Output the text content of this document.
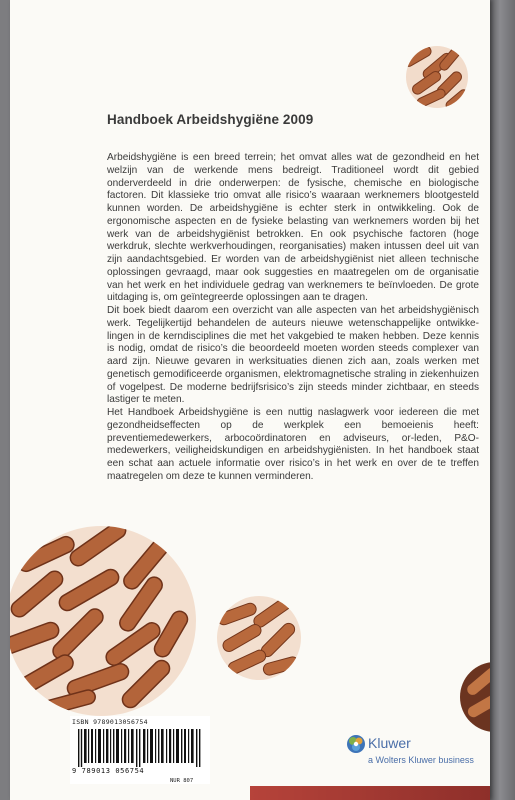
Handboek Arbeidshygiëne 2009

Arbeidshygiëne is een breed terrein; het omvat alles wat de gezondheid en het welzijn van de werkende mens bedreigt. Traditioneel wordt dit gebied onderverdeeld in drie onderwerpen: de fysische, chemische en biologische factoren. Dit klassieke trio omvat alle risico’s waaraan werknemers blootgesteld kunnen worden. De arbeidshygiëne is echter sterk in ontwikkeling. Ook de ergonomische aspecten en de fysieke belasting van werknemers worden bij het werk van de arbeidshygiënist betrokken. En ook psychische factoren (hoge werkdruk, slechte werkverhoudingen, reorganisaties) maken intussen deel uit van zijn aandachtsgebied. Er worden van de arbeidshygiënist niet alleen technische oplossingen gevraagd, maar ook suggesties en maatregelen om de organisatie van het werk en het individuele gedrag van werknemers te beïnvloeden. De grote uitdaging is, om geïntegreerde oplossingen aan te dragen.

Dit boek biedt daarom een overzicht van alle aspecten van het arbeidshygiënisch werk. Tegelijkertijd behandelen de auteurs nieuwe wetenschappelijke ontwikkelingen in de kerndisciplines die met het vakgebied te maken hebben. Deze kennis is nodig, omdat de risico’s die beoordeeld moeten worden steeds complexer van aard zijn. Nieuwe gevaren in werksituaties dienen zich aan, zoals werken met genetisch gemodificeerde organismen, elektromagnetische straling in ziekenhuizen of vogelpest. De moderne bedrijfsrisico’s zijn steeds minder zichtbaar, en steeds lastiger te meten.

Het Handboek Arbeidshygiëne is een nuttig naslagwerk voor iedereen die met gezondheidseffecten op de werkplek een bemoeienis heeft: preventiemedewerkers, arbocoördinatoren en adviseurs, or-leden, P&O-medewerkers, veiligheidskundigen en arbeidshygiënisten. In het handboek staat een schat aan actuele informatie over risico’s in het werk en over de te treffen maatregelen om deze te kunnen verminderen.

ISBN 9789013056754
9 789013 056754
NUR 807
Kluwer
a Wolters Kluwer business
